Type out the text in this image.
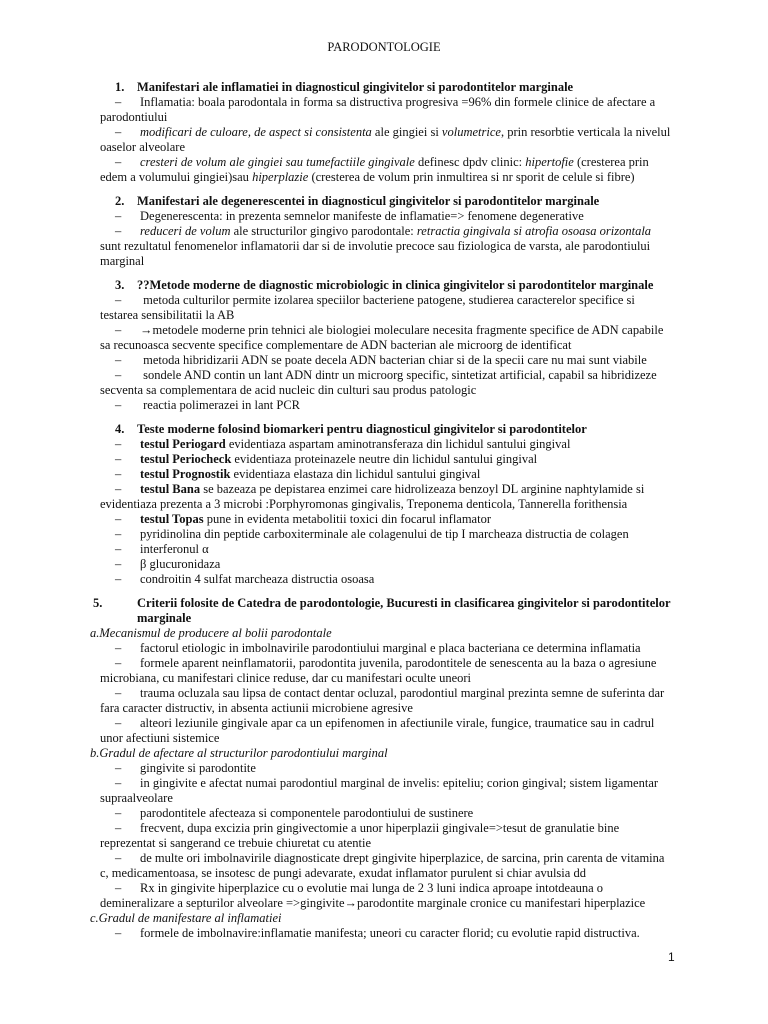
PARODONTOLOGIE
1. Manifestari ale inflamatiei in diagnosticul gingivitelor si parodontitelor marginale
– Inflamatia: boala parodontala in forma sa distructiva progresiva =96% din formele clinice de afectare a parodontiului
– modificari de culoare, de aspect si consistenta ale gingiei si volumetrice, prin resorbtie verticala la nivelul oaselor alveolare
– cresteri de volum ale gingiei sau tumefactiile gingivale definesc dpdv clinic: hipertofie (cresterea prin edem a volumului gingiei)sau hiperplazie (cresterea de volum prin inmultirea si nr sporit de celule si fibre)
2. Manifestari ale degenerescentei in diagnosticul gingivitelor si parodontitelor marginale
– Degenerescenta: in prezenta semnelor manifeste de inflamatie=> fenomene degenerative
– reduceri de volum ale structurilor gingivo parodontale: retractia gingivala si atrofia osoasa orizontala sunt rezultatul fenomenelor inflamatorii dar si de involutie precoce sau fiziologica de varsta, ale parodontiului marginal
3. ??Metode moderne de diagnostic microbiologic in clinica gingivitelor si parodontitelor marginale
– metoda culturilor permite izolarea speciilor bacteriene patogene, studierea caracterelor specifice si testarea sensibilitatii la AB
– →metodele moderne prin tehnici ale biologiei moleculare necesita fragmente specifice de ADN capabile sa recunoasca secvente specifice complementare de ADN bacterian ale microorg de identificat
– metoda hibridizarii ADN se poate decela ADN bacterian chiar si de la specii care nu mai sunt viabile
– sondele AND contin un lant ADN dintr un microorg specific, sintetizat artificial, capabil sa hibridizeze secventa sa complementara de acid nucleic din culturi sau produs patologic
– reactia polimerazei in lant PCR
4. Teste moderne folosind biomarkeri pentru diagnosticul gingivitelor si parodontitelor
– testul Periogard evidentiaza aspartam aminotransferaza din lichidul santului gingival
– testul Periocheck evidentiaza proteinazele neutre din lichidul santului gingival
– testul Prognostik evidentiaza elastaza din lichidul santului gingival
– testul Bana se bazeaza pe depistarea enzimei care hidrolizeaza benzoyl DL arginine naphtylamide si evidentiaza prezenta a 3 microbi :Porphyromonas gingivalis, Treponema denticola, Tannerella forithensia
– testul Topas pune in evidenta metabolitii toxici din focarul inflamator
– pyridinolina din peptide carboxiterminale ale colagenului de tip I marcheaza distructia de colagen
– interferonul α
– β glucuronidaza
– condroitin 4 sulfat marcheaza distructia osoasa
5.	Criterii folosite de Catedra de parodontologie, Bucuresti in clasificarea gingivitelor si parodontitelor marginale
a.Mecanismul de producere al bolii parodontale
– factorul etiologic in imbolnavirile parodontiului marginal e placa bacteriana ce determina inflamatia
– formele aparent neinflamatorii, parodontita juvenila, parodontitele de senescenta au la baza o agresiune microbiana, cu manifestari clinice reduse, dar cu manifestari oculte uneori
– trauma ocluzala sau lipsa de contact dentar ocluzal, parodontiul marginal prezinta semne de suferinta dar fara caracter distructiv, in absenta actiunii microbiene agresive
– alteori leziunile gingivale apar ca un epifenomen in afectiunile virale, fungice, traumatice sau in cadrul unor afectiuni sistemice
b.Gradul de afectare al structurilor parodontiului marginal
– gingivite si parodontite
– in gingivite e afectat numai parodontiul marginal de invelis: epiteliu; corion gingival; sistem ligamentar supraalveolare
– parodontitele afecteaza si componentele parodontiului de sustinere
– frecvent, dupa excizia prin gingivectomie a unor hiperplazii gingivale=>tesut de granulatie bine reprezentat si sangerand ce trebuie chiuretat cu atentie
– de multe ori imbolnavirile diagnosticate drept gingivite hiperplazice, de sarcina, prin carenta de vitamina c, medicamentoasa, se insotesc de pungi adevarate, exudat inflamator purulent si chiar avulsia dd
– Rx in gingivite hiperplazice cu o evolutie mai lunga de 2 3 luni indica aproape intotdeauna o demineralizare a septurilor alveolare =>gingivite→parodontite marginale cronice cu manifestari hiperplazice
c.Gradul de manifestare al inflamatiei
– formele de imbolnavire:inflamatie manifesta; uneori cu caracter florid; cu evolutie rapid distructiva.
1
